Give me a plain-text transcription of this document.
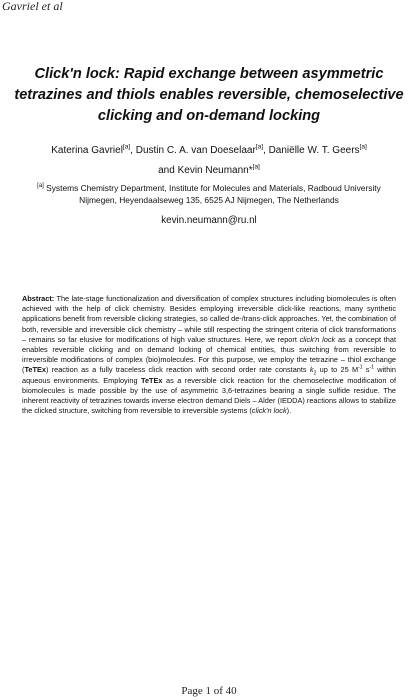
Gavriel et al
Click'n lock: Rapid exchange between asymmetric tetrazines and thiols enables reversible, chemoselective clicking and on-demand locking
Katerina Gavriel[a], Dustin C. A. van Doeselaar[a], Daniëlle W. T. Geers[a]
and Kevin Neumann*[a]
[a] Systems Chemistry Department, Institute for Molecules and Materials, Radboud University Nijmegen, Heyendaalseweg 135, 6525 AJ Nijmegen, The Netherlands
kevin.neumann@ru.nl
Abstract: The late-stage functionalization and diversification of complex structures including biomolecules is often achieved with the help of click chemistry. Besides employing irreversible click-like reactions, many synthetic applications benefit from reversible clicking strategies, so called de-/trans-click approaches. Yet, the combination of both, reversible and irreversible click chemistry – while still respecting the stringent criteria of click transformations – remains so far elusive for modifications of high value structures. Here, we report click'n lock as a concept that enables reversible clicking and on demand locking of chemical entities, thus switching from reversible to irreversible modifications of complex (bio)molecules. For this purpose, we employ the tetrazine – thiol exchange (TeTEx) reaction as a fully traceless click reaction with second order rate constants $k_2$ up to 25 $M^{-1}$ $s^{-1}$ within aqueous environments. Employing TeTEx as a reversible click reaction for the chemoselective modification of biomolecules is made possible by the use of asymmetric 3,6-tetrazines bearing a single sulfide residue. The inherent reactivity of tetrazines towards inverse electron demand Diels – Alder (IEDDA) reactions allows to stabilize the clicked structure, switching from reversible to irreversible systems (click'n lock).
Page 1 of 40
